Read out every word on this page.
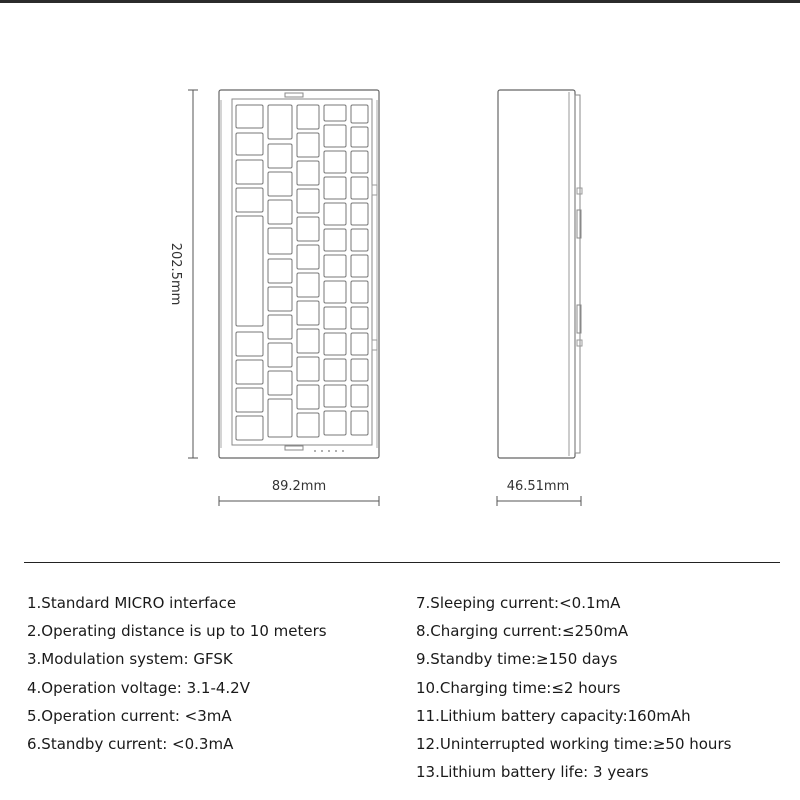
202.5mm
89.2mm	46.51mm
1.Standard MICRO interface
2.Operating distance is up to 10 meters
3.Modulation system: GFSK
4.Operation voltage: 3.1-4.2V
5.Operation current: <3mA
6.Standby current: <0.3mA
7.Sleeping current:<0.1mA
8.Charging current:≤250mA
9.Standby time:≥150 days
10.Charging time:≤2 hours
11.Lithium battery capacity:160mAh
12.Uninterrupted working time:≥50 hours
13.Lithium battery life: 3 years
